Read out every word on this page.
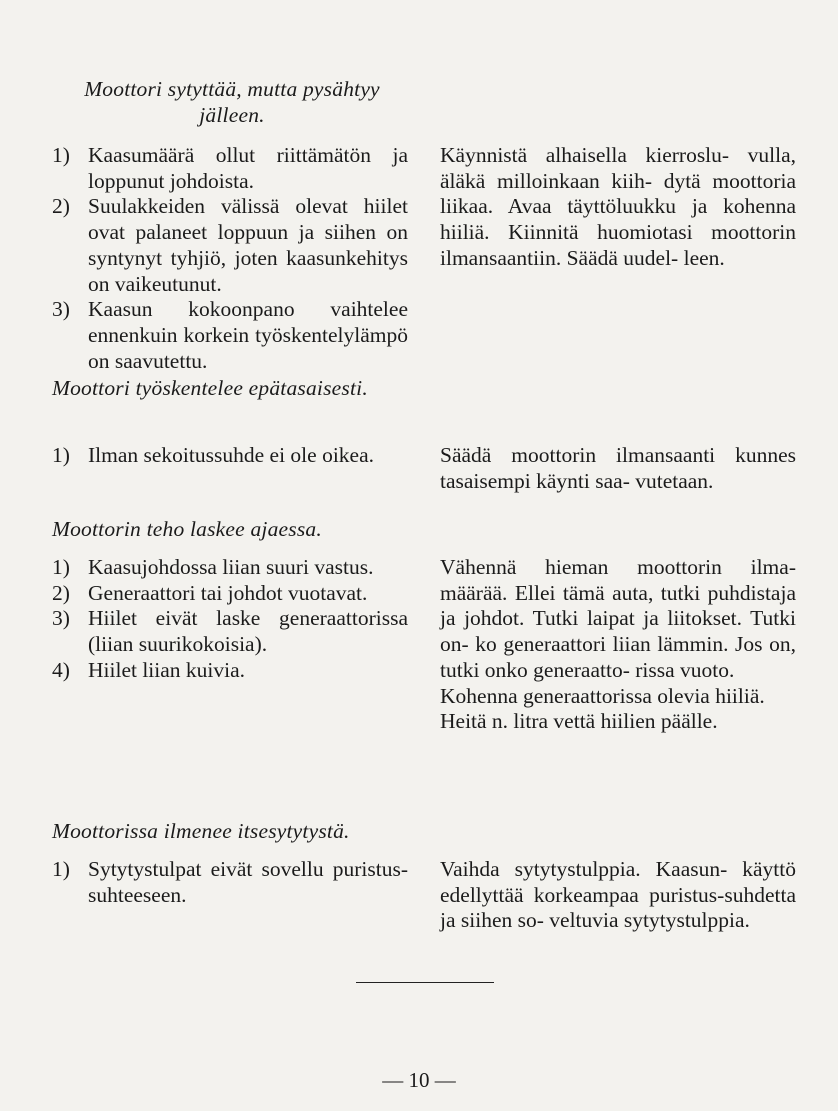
Moottori sytyttää, mutta pysähtyy
jälleen.
1) Kaasumäärä ollut riittämätön ja loppunut johdoista.
2) Suulakkeiden välissä olevat hiilet ovat palaneet loppuun ja siihen on syntynyt tyhjiö, joten kaasunkehitys on vaikeutunut.
3) Kaasun kokoonpano vaihtelee ennenkuin korkein työskentelylämpö on saavutettu.
Käynnistä alhaisella kierroslu- vulla, äläkä milloinkaan kiih- dytä moottoria liikaa. Avaa täyttöluukku ja kohenna hiiliä. Kiinnitä huomiotasi moottorin ilmansaantiin. Säädä uudel- leen.
Moottori työskentelee epätasaisesti.
1) Ilman sekoitussuhde ei ole oikea.	Säädä moottorin ilmansaanti kunnes tasaisempi käynti saa- vutetaan.
Moottorin teho laskee ajaessa.
1) Kaasujohdossa liian suuri vastus.
2) Generaattori tai johdot vuotavat.
3) Hiilet eivät laske generaattorissa (liian suurikokoisia).
4) Hiilet liian kuivia.
Vähennä hieman moottorin ilma- määrää. Ellei tämä auta, tutki puhdistaja ja johdot. Tutki laipat ja liitokset. Tutki on- ko generaattori liian lämmin. Jos on, tutki onko generaatto- rissa vuoto.
Kohenna generaattorissa olevia hiiliä.
Heitä n. litra vettä hiilien päälle.
Moottorissa ilmenee itsesytytystä.
1) Sytytystulpat eivät sovellu puristus-suhteeseen.
Vaihda sytytystulppia. Kaasun- käyttö edellyttää korkeampaa puristus-suhdetta ja siihen so- veltuvia sytytystulppia.
— 10 —
